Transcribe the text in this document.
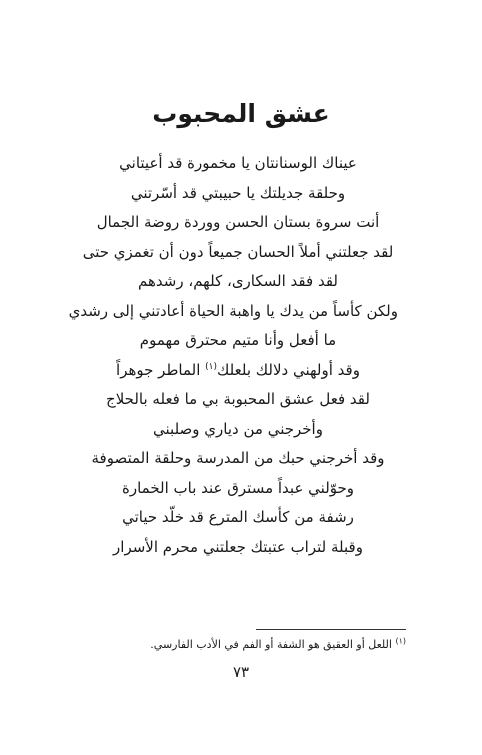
عشق المحبوب
عيناك الوسنانتان يا مخمورة قد أعيتاني
وحلقة جديلتك يا حبيبتي قد أسّرتني
أنت سروة بستان الحسن ووردة روضة الجمال
لقد جعلتني أملاً الحسان جميعاً دون أن تغمزي حتى
لقد فقد السكارى، كلهم، رشدهم
ولكن كأساً من يدك يا واهبة الحياة أعادتني إلى رشدي
ما أفعل وأنا متيم محترق مهموم
وقد أولهني دلالك بلعلك$^{(١)}$ الماطر جوهراً
لقد فعل عشق المحبوبة بي ما فعله بالحلاج
وأخرجني من دياري وصلبني
وقد أخرجني حبك من المدرسة وحلقة المتصوفة
وحوّلني عبداً مسترق عند باب الخمارة
رشفة من كأسك المترع قد خلّد حياتي
وقبلة لتراب عتبتك جعلتني محرم الأسرار
$^{(١)}$ اللعل أو العقيق هو الشفة أو الفم في الأدب الفارسي.
٧٣
